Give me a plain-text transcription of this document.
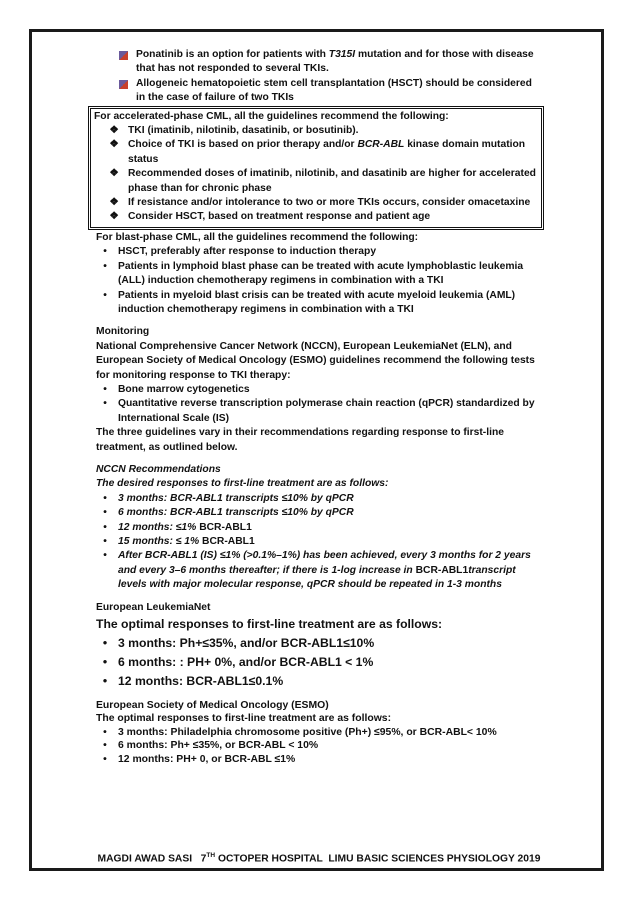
Ponatinib is an option for patients with T315I mutation and for those with disease that has not responded to several TKIs.
Allogeneic hematopoietic stem cell transplantation (HSCT) should be considered in the case of failure of two TKIs
For accelerated-phase CML, all the guidelines recommend the following:
❖ TKI (imatinib, nilotinib, dasatinib, or bosutinib).
❖ Choice of TKI is based on prior therapy and/or BCR-ABL kinase domain mutation status
❖ Recommended doses of imatinib, nilotinib, and dasatinib are higher for accelerated phase than for chronic phase
❖ If resistance and/or intolerance to two or more TKIs occurs, consider omacetaxine
❖ Consider HSCT, based on treatment response and patient age
For blast-phase CML, all the guidelines recommend the following:
•	HSCT, preferably after response to induction therapy
•	Patients in lymphoid blast phase can be treated with acute lymphoblastic leukemia (ALL) induction chemotherapy regimens in combination with a TKI
•	Patients in myeloid blast crisis can be treated with acute myeloid leukemia (AML) induction chemotherapy regimens in combination with a TKI
Monitoring
National Comprehensive Cancer Network (NCCN), European LeukemiaNet (ELN), and European Society of Medical Oncology (ESMO) guidelines recommend the following tests for monitoring response to TKI therapy:
•	Bone marrow cytogenetics
•	Quantitative reverse transcription polymerase chain reaction (qPCR) standardized by International Scale (IS)
The three guidelines vary in their recommendations regarding response to first-line treatment, as outlined below.
NCCN Recommendations
The desired responses to first-line treatment are as follows:
•	3 months: BCR-ABL1 transcripts ≤10% by qPCR
•	6 months: BCR-ABL1 transcripts ≤10% by qPCR
•	12 months: ≤1% BCR-ABL1
•	15 months: ≤ 1% BCR-ABL1
•	After BCR-ABL1 (IS) ≤1% (>0.1%–1%) has been achieved, every 3 months for 2 years and every 3–6 months thereafter; if there is 1-log increase in BCR-ABL1transcript levels with major molecular response, qPCR should be repeated in 1-3 months
European LeukemiaNet
The optimal responses to first-line treatment are as follows:
• 3 months: Ph+≤35%, and/or BCR-ABL1≤10%
• 6 months: : PH+ 0%, and/or BCR-ABL1 < 1%
• 12 months: BCR-ABL1≤0.1%
European Society of Medical Oncology (ESMO)
The optimal responses to first-line treatment are as follows:
•	3 months: Philadelphia chromosome positive (Ph+) ≤95%, or BCR-ABL< 10%
•	6 months: Ph+ ≤35%, or BCR-ABL < 10%
•	12 months: PH+ 0, or BCR-ABL ≤1%
MAGDI AWAD SASI   7TH OCTOPER HOSPITAL  LIMU BASIC SCIENCES PHYSIOLOGY 2019
